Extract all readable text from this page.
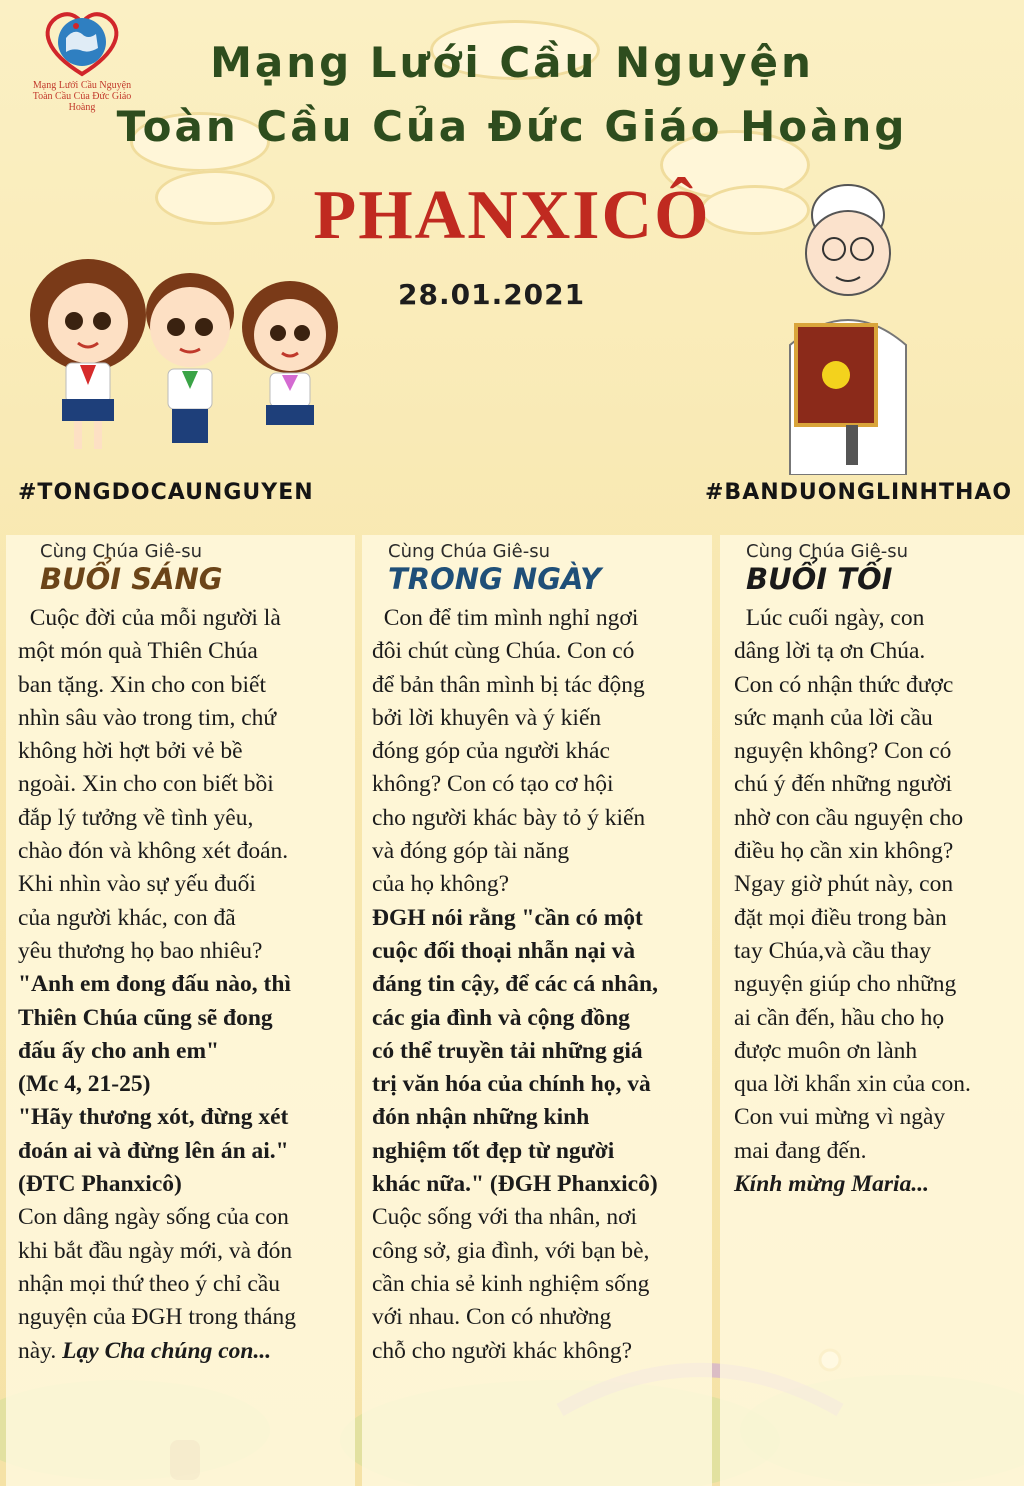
Mạng Lưới Cầu Nguyện
Toàn Cầu Của Đức Giáo Hoàng
Mạng Lưới Cầu Nguyện
Toàn Cầu Của Đức Giáo Hoàng
PHANXICÔ
28.01.2021
#TONGDOCAUNGUYEN	#BANDUONGLINHTHAO
Cùng Chúa Giê-su
BUỔI SÁNG
Cuộc đời của mỗi người là
một món quà Thiên Chúa
ban tặng. Xin cho con biết
nhìn sâu vào trong tim, chứ
không hời hợt bởi vẻ bề
ngoài. Xin cho con biết bồi
đắp lý tưởng về tình yêu,
chào đón và không xét đoán.
Khi nhìn vào sự yếu đuối
của người khác, con đã
yêu thương họ bao nhiêu?
"Anh em đong đấu nào, thì
Thiên Chúa cũng sẽ đong
đấu ấy cho anh em"
(Mc 4, 21-25)
"Hãy thương xót, đừng xét
đoán ai và đừng lên án ai."
(ĐTC Phanxicô)
Con dâng ngày sống của con
khi bắt đầu ngày mới, và đón
nhận mọi thứ theo ý chỉ cầu
nguyện của ĐGH trong tháng
này. Lạy Cha chúng con...
Cùng Chúa Giê-su
TRONG NGÀY
Con để tim mình nghỉ ngơi
đôi chút cùng Chúa. Con có
để bản thân mình bị tác động
bởi lời khuyên và ý kiến
đóng góp của người khác
không? Con có tạo cơ hội
cho người khác bày tỏ ý kiến
và đóng góp tài năng
của họ không?
ĐGH nói rằng "cần có một
cuộc đối thoại nhẫn nại và
đáng tin cậy, để các cá nhân,
các gia đình và cộng đồng
có thể truyền tải những giá
trị văn hóa của chính họ, và
đón nhận những kinh
nghiệm tốt đẹp từ người
khác nữa." (ĐGH Phanxicô)
Cuộc sống với tha nhân, nơi
công sở, gia đình, với bạn bè,
cần chia sẻ kinh nghiệm sống
với nhau. Con có nhường
chỗ cho người khác không?
Cùng Chúa Giê-su
BUỔI TỐI
Lúc cuối ngày, con
dâng lời tạ ơn Chúa.
Con có nhận thức được
sức mạnh của lời cầu
nguyện không? Con có
chú ý đến những người
nhờ con cầu nguyện cho
điều họ cần xin không?
Ngay giờ phút này, con
đặt mọi điều trong bàn
tay Chúa,và cầu thay
nguyện giúp cho những
ai cần đến, hầu cho họ
được muôn ơn lành
qua lời khẩn xin của con.
Con vui mừng vì ngày
mai đang đến.
Kính mừng Maria...
